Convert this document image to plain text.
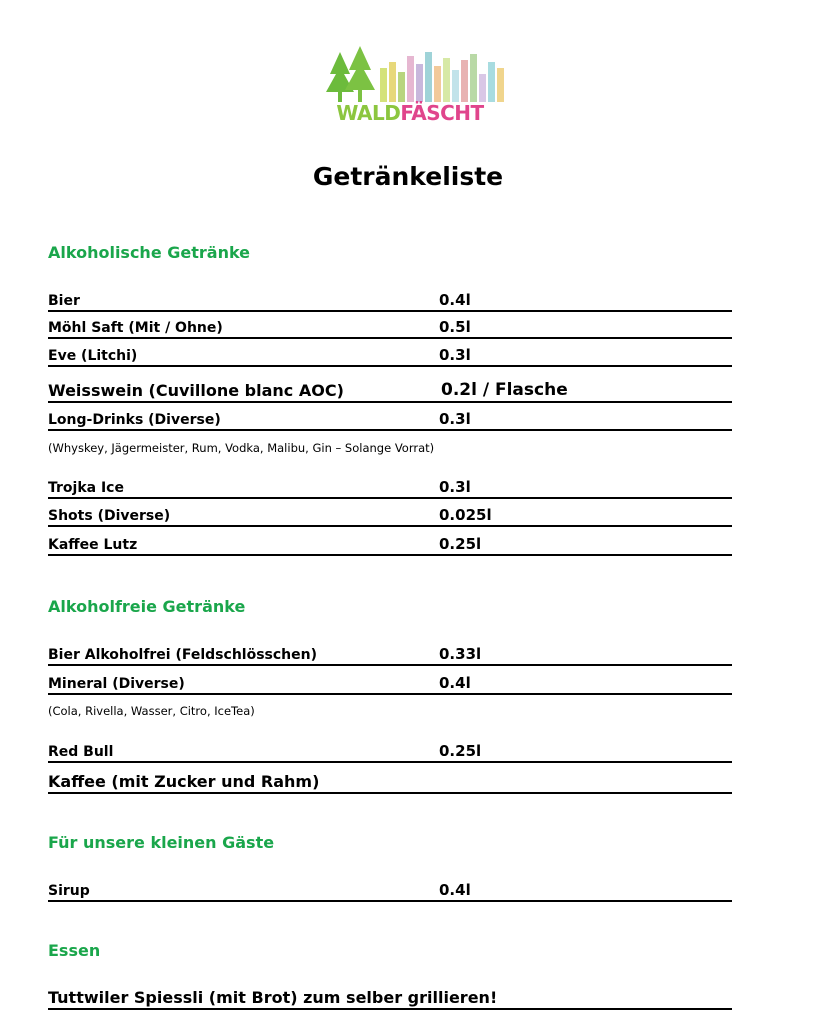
WALDFÄSCHT
Getränkeliste
Alkoholische Getränke
Bier	0.4l
Möhl Saft (Mit / Ohne)	0.5l
Eve (Litchi)	0.3l
Weisswein (Cuvillone blanc AOC)	0.2l / Flasche
Long-Drinks (Diverse)	0.3l
(Whyskey, Jägermeister, Rum, Vodka, Malibu, Gin – Solange Vorrat)
Trojka Ice	0.3l
Shots (Diverse)	0.025l
Kaffee Lutz	0.25l
Alkoholfreie Getränke
Bier Alkoholfrei (Feldschlösschen)	0.33l
Mineral (Diverse)	0.4l
(Cola, Rivella, Wasser, Citro, IceTea)
Red Bull	0.25l
Kaffee (mit Zucker und Rahm)
Für unsere kleinen Gäste
Sirup	0.4l
Essen
Tuttwiler Spiessli (mit Brot) zum selber grillieren!
